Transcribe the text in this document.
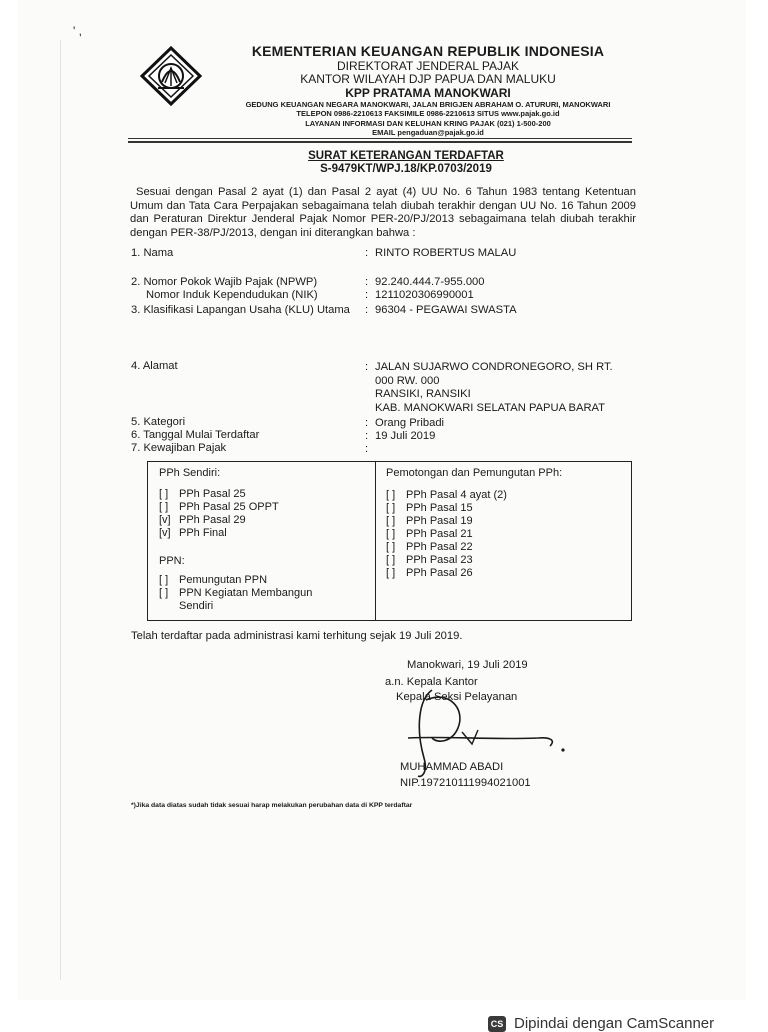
' ,
KEMENTERIAN KEUANGAN REPUBLIK INDONESIA
DIREKTORAT JENDERAL PAJAK
KANTOR WILAYAH DJP PAPUA DAN MALUKU
KPP PRATAMA MANOKWARI
GEDUNG KEUANGAN NEGARA MANOKWARI, JALAN BRIGJEN ABRAHAM O. ATURURI, MANOKWARI
TELEPON 0986-2210613 FAKSIMILE 0986-2210613 SITUS www.pajak.go.id
LAYANAN INFORMASI DAN KELUHAN KRING PAJAK (021) 1-500-200
EMAIL pengaduan@pajak.go.id
SURAT KETERANGAN TERDAFTAR
S-9479KT/WPJ.18/KP.0703/2019
Sesuai dengan Pasal 2 ayat (1) dan Pasal 2 ayat (4) UU No. 6 Tahun 1983 tentang Ketentuan Umum dan Tata Cara Perpajakan sebagaimana telah diubah terakhir dengan UU No. 16 Tahun 2009 dan Peraturan Direktur Jenderal Pajak Nomor PER-20/PJ/2013 sebagaimana telah diubah terakhir dengan PER-38/PJ/2013, dengan ini diterangkan bahwa :
1. Nama	: RINTO ROBERTUS MALAU
2. Nomor Pokok Wajib Pajak (NPWP)	: 92.240.444.7-955.000
Nomor Induk Kependudukan (NIK)	: 1211020306990001
3. Klasifikasi Lapangan Usaha (KLU) Utama : 96304 - PEGAWAI SWASTA
4. Alamat	: JALAN SUJARWO CONDRONEGORO, SH RT.
000 RW. 000
RANSIKI, RANSIKI
KAB. MANOKWARI SELATAN PAPUA BARAT
5. Kategori	: Orang Pribadi
6. Tanggal Mulai Terdaftar	: 19 Juli 2019
7. Kewajiban Pajak	:
PPh Sendiri:
[ ] PPh Pasal 25
[ ] PPh Pasal 25 OPPT
[v] PPh Pasal 29
[v] PPh Final
PPN:
[ ] Pemungutan PPN
[ ] PPN Kegiatan Membangun
Sendiri
Pemotongan dan Pemungutan PPh:
[ ] PPh Pasal 4 ayat (2)
[ ] PPh Pasal 15
[ ] PPh Pasal 19
[ ] PPh Pasal 21
[ ] PPh Pasal 22
[ ] PPh Pasal 23
[ ] PPh Pasal 26
Telah terdaftar pada administrasi kami terhitung sejak 19 Juli 2019.
Manokwari, 19 Juli 2019
a.n. Kepala Kantor
Kepala Seksi Pelayanan
MUHAMMAD ABADI
NIP.197210111994021001
*)Jika data diatas sudah tidak sesuai harap melakukan perubahan data di KPP terdaftar
CS Dipindai dengan CamScanner
